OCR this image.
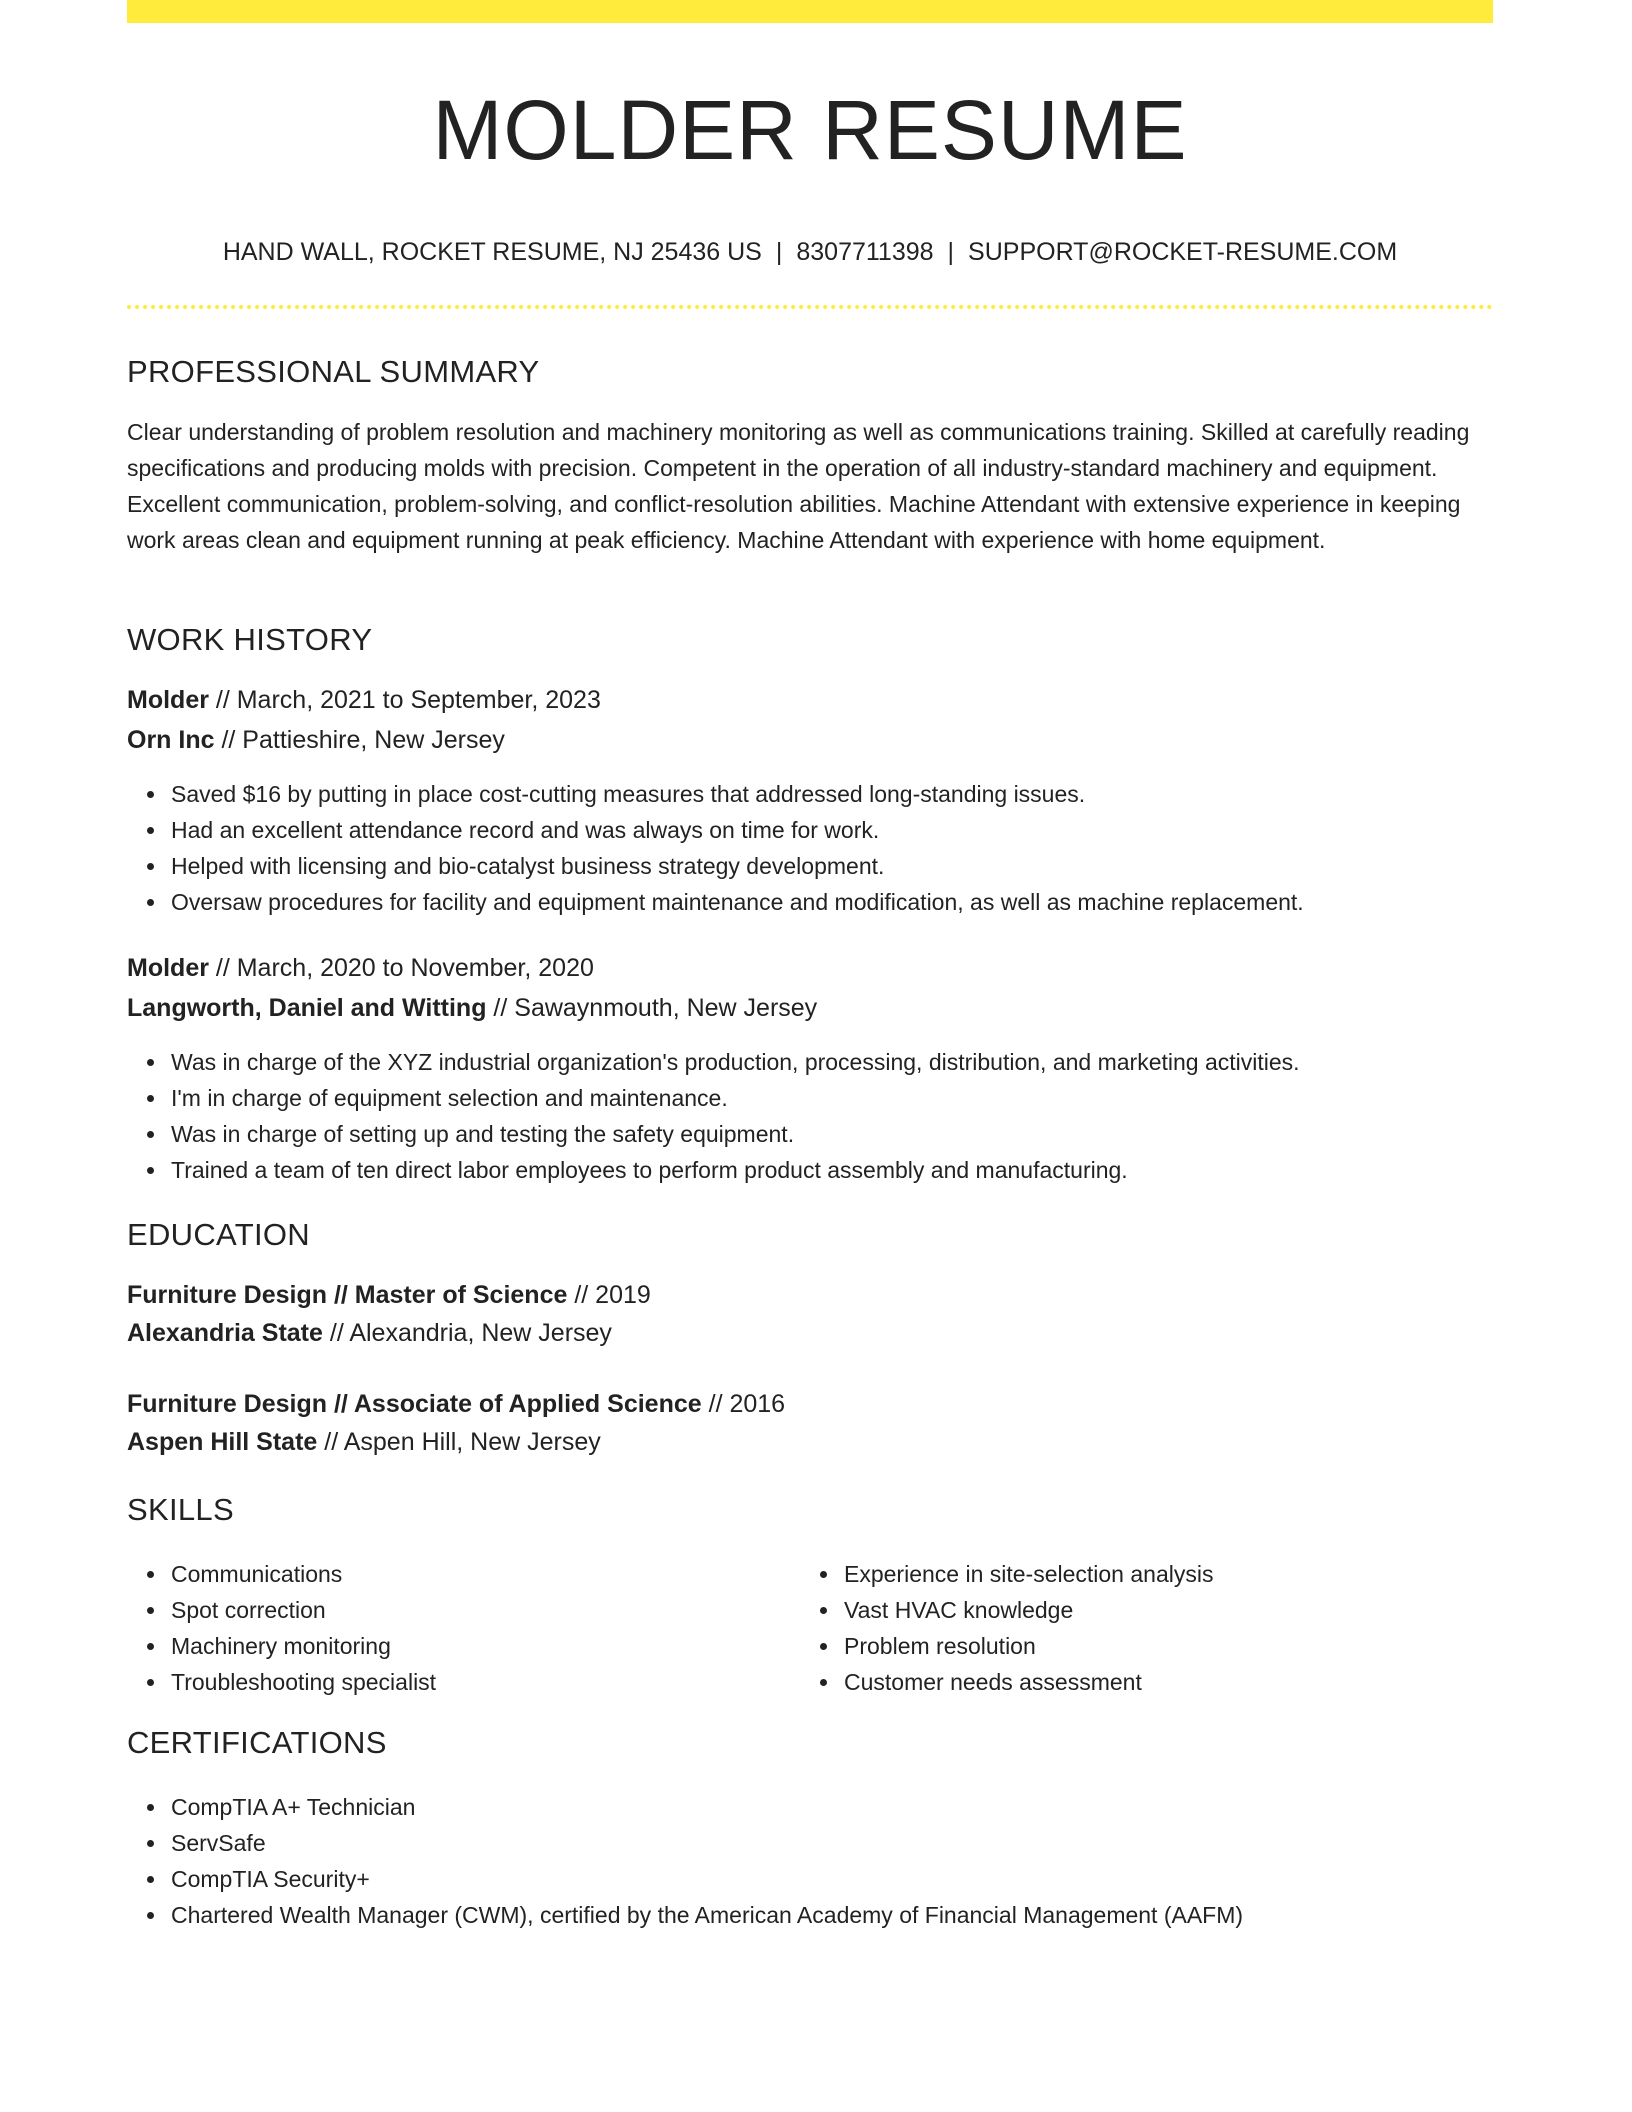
MOLDER RESUME
HAND WALL, ROCKET RESUME, NJ 25436 US | 8307711398 | SUPPORT@ROCKET-RESUME.COM
PROFESSIONAL SUMMARY
Clear understanding of problem resolution and machinery monitoring as well as communications training. Skilled at carefully reading specifications and producing molds with precision. Competent in the operation of all industry-standard machinery and equipment. Excellent communication, problem-solving, and conflict-resolution abilities. Machine Attendant with extensive experience in keeping work areas clean and equipment running at peak efficiency. Machine Attendant with experience with home equipment.
WORK HISTORY
Molder // March, 2021 to September, 2023
Orn Inc // Pattieshire, New Jersey
Saved $16 by putting in place cost-cutting measures that addressed long-standing issues.
Had an excellent attendance record and was always on time for work.
Helped with licensing and bio-catalyst business strategy development.
Oversaw procedures for facility and equipment maintenance and modification, as well as machine replacement.
Molder // March, 2020 to November, 2020
Langworth, Daniel and Witting // Sawaynmouth, New Jersey
Was in charge of the XYZ industrial organization's production, processing, distribution, and marketing activities.
I'm in charge of equipment selection and maintenance.
Was in charge of setting up and testing the safety equipment.
Trained a team of ten direct labor employees to perform product assembly and manufacturing.
EDUCATION
Furniture Design // Master of Science // 2019
Alexandria State // Alexandria, New Jersey
Furniture Design // Associate of Applied Science // 2016
Aspen Hill State // Aspen Hill, New Jersey
SKILLS
Communications
Spot correction
Machinery monitoring
Troubleshooting specialist
Experience in site-selection analysis
Vast HVAC knowledge
Problem resolution
Customer needs assessment
CERTIFICATIONS
CompTIA A+ Technician
ServSafe
CompTIA Security+
Chartered Wealth Manager (CWM), certified by the American Academy of Financial Management (AAFM)
